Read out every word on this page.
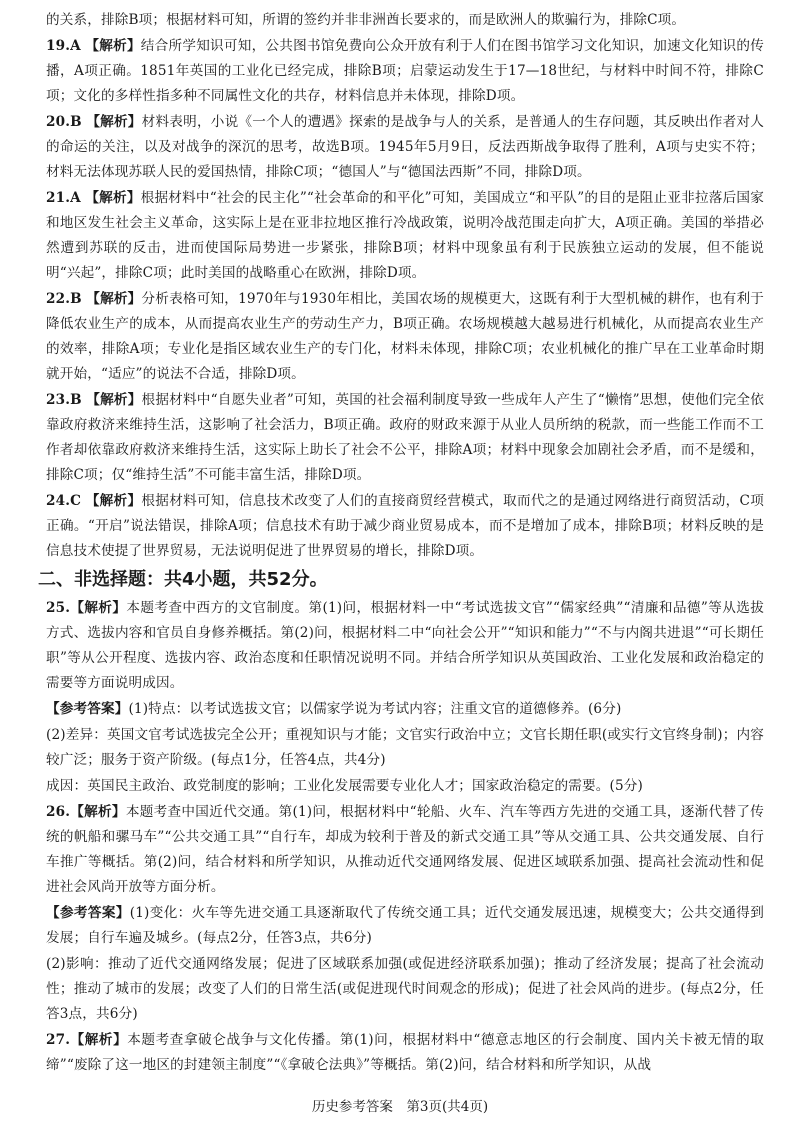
的关系，排除B项；根据材料可知，所谓的签约并非非洲酋长要求的，而是欧洲人的欺骗行为，排除C项。

19.A 【解析】结合所学知识可知，公共图书馆免费向公众开放有利于人们在图书馆学习文化知识，加速文化知识的传播，A项正确。1851年英国的工业化已经完成，排除B项；启蒙运动发生于17—18世纪，与材料中时间不符，排除C项；文化的多样性指多种不同属性文化的共存，材料信息并未体现，排除D项。

20.B 【解析】材料表明，小说《一个人的遭遇》探索的是战争与人的关系，是普通人的生存问题，其反映出作者对人的命运的关注，以及对战争的深沉的思考，故选B项。1945年5月9日，反法西斯战争取得了胜利，A项与史实不符；材料无法体现苏联人民的爱国热情，排除C项；“德国人”与“德国法西斯”不同，排除D项。

21.A 【解析】根据材料中“社会的民主化”“社会革命的和平化”可知，美国成立“和平队”的目的是阻止亚非拉落后国家和地区发生社会主义革命，这实际上是在亚非拉地区推行冷战政策，说明冷战范围走向扩大，A项正确。美国的举措必然遭到苏联的反击，进而使国际局势进一步紧张，排除B项；材料中现象虽有利于民族独立运动的发展，但不能说明“兴起”，排除C项；此时美国的战略重心在欧洲，排除D项。

22.B 【解析】分析表格可知，1970年与1930年相比，美国农场的规模更大，这既有利于大型机械的耕作，也有利于降低农业生产的成本，从而提高农业生产的劳动生产力，B项正确。农场规模越大越易进行机械化，从而提高农业生产的效率，排除A项；专业化是指区域农业生产的专门化，材料未体现，排除C项；农业机械化的推广早在工业革命时期就开始，“适应”的说法不合适，排除D项。

23.B 【解析】根据材料中“自愿失业者”可知，英国的社会福利制度导致一些成年人产生了“懒惰”思想，使他们完全依靠政府救济来维持生活，这影响了社会活力，B项正确。政府的财政来源于从业人员所纳的税款，而一些能工作而不工作者却依靠政府救济来维持生活，这实际上助长了社会不公平，排除A项；材料中现象会加剧社会矛盾，而不是缓和，排除C项；仅“维持生活”不可能丰富生活，排除D项。

24.C 【解析】根据材料可知，信息技术改变了人们的直接商贸经营模式，取而代之的是通过网络进行商贸活动，C项正确。“开启”说法错误，排除A项；信息技术有助于减少商业贸易成本，而不是增加了成本，排除B项；材料反映的是信息技术使提了世界贸易，无法说明促进了世界贸易的增长，排除D项。

二、非选择题：共4小题，共52分。

25.【解析】本题考查中西方的文官制度。第(1)问，根据材料一中“考试选拔文官”“儒家经典”“清廉和品德”等从选拔方式、选拔内容和官员自身修养概括。第(2)问，根据材料二中“向社会公开”“知识和能力”“不与内阁共进退”“可长期任职”等从公开程度、选拔内容、政治态度和任职情况说明不同。并结合所学知识从英国政治、工业化发展和政治稳定的需要等方面说明成因。

【参考答案】(1)特点：以考试选拔文官；以儒家学说为考试内容；注重文官的道德修养。(6分)

(2)差异：英国文官考试选拔完全公开；重视知识与才能；文官实行政治中立；文官长期任职(或实行文官终身制)；内容较广泛；服务于资产阶级。(每点1分，任答4点，共4分)

成因：英国民主政治、政党制度的影响；工业化发展需要专业化人才；国家政治稳定的需要。(5分)

26.【解析】本题考查中国近代交通。第(1)问，根据材料中“轮船、火车、汽车等西方先进的交通工具，逐渐代替了传统的帆船和骡马车”“公共交通工具”“自行车，却成为较利于普及的新式交通工具”等从交通工具、公共交通发展、自行车推广等概括。第(2)问，结合材料和所学知识，从推动近代交通网络发展、促进区域联系加强、提高社会流动性和促进社会风尚开放等方面分析。

【参考答案】(1)变化：火车等先进交通工具逐渐取代了传统交通工具；近代交通发展迅速，规模变大；公共交通得到发展；自行车遍及城乡。(每点2分，任答3点，共6分)

(2)影响：推动了近代交通网络发展；促进了区域联系加强(或促进经济联系加强)；推动了经济发展；提高了社会流动性；推动了城市的发展；改变了人们的日常生活(或促进现代时间观念的形成)；促进了社会风尚的进步。(每点2分，任答3点，共6分)

27.【解析】本题考查拿破仑战争与文化传播。第(1)问，根据材料中“德意志地区的行会制度、国内关卡被无情的取缔”“废除了这一地区的封建领主制度”“《拿破仑法典》”等概括。第(2)问，结合材料和所学知识，从战

历史参考答案　第3页(共4页)
